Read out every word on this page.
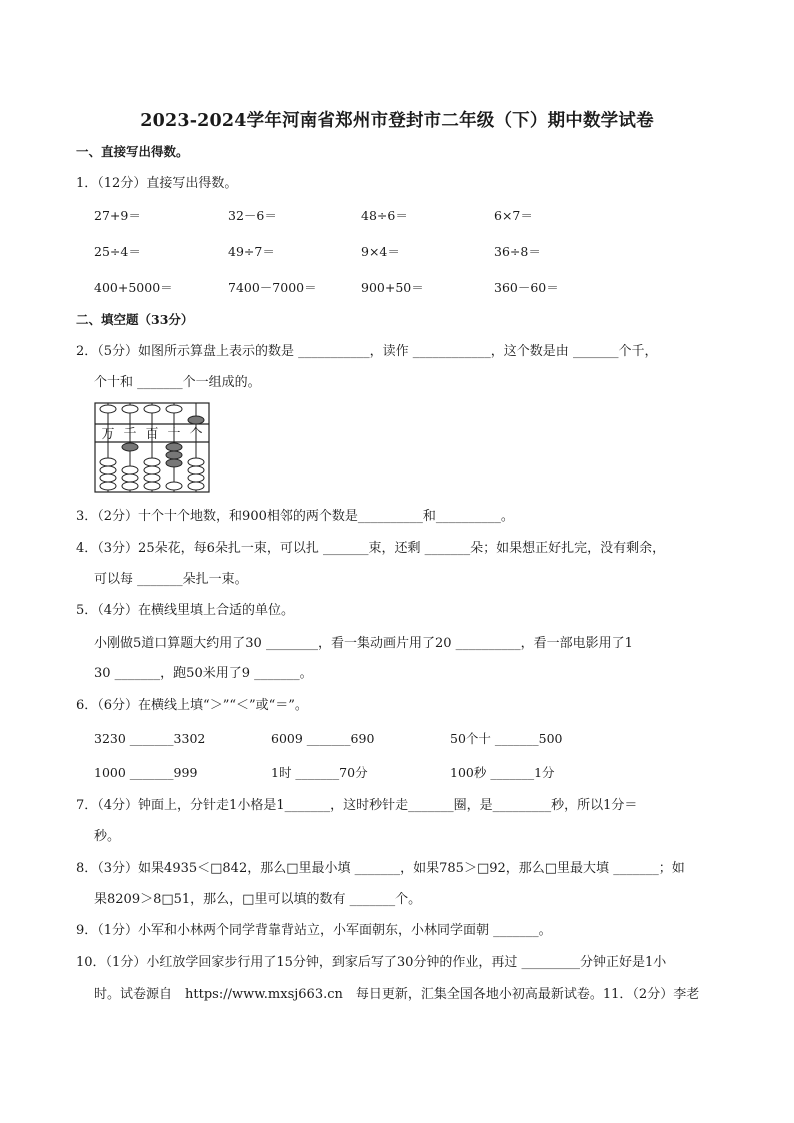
2023-2024学年河南省郑州市登封市二年级（下）期中数学试卷
一、直接写出得数。
1．（12分）直接写出得数。
27+9＝	32－6＝	48÷6＝	6×7＝
25÷4＝	49÷7＝	9×4＝	36÷8＝
400+5000＝	7400－7000＝	900+50＝	360－60＝
二、填空题（33分）
2．（5分）如图所示算盘上表示的数是 ___________，读作 ____________，这个数是由 _______个千，
个十和 _______个一组成的。
万 千 百 十 个
3．（2分）十个十个地数，和900相邻的两个数是__________和__________。
4．（3分）25朵花，每6朵扎一束，可以扎 _______束，还剩 _______朵；如果想正好扎完，没有剩余，
可以每 _______朵扎一束。
5．（4分）在横线里填上合适的单位。
小刚做5道口算题大约用了30 ________，看一集动画片用了20 __________，看一部电影用了1
30 _______，跑50米用了9 _______。
6．（6分）在横线上填“＞”“＜”或“＝”。
3230 _______3302	6009 _______690	50个十 _______500
1000 _______999	1时 _______70分	100秒 _______1分
7．（4分）钟面上，分针走1小格是1_______，这时秒针走_______圈，是_________秒，所以1分＝
秒。
8．（3分）如果4935＜□842，那么□里最小填 _______，如果785＞□92，那么□里最大填 _______；如
果8209＞8□51，那么，□里可以填的数有 _______个。
9．（1分）小军和小林两个同学背靠背站立，小军面朝东，小林同学面朝 _______。
10．（1分）小红放学回家步行用了15分钟，到家后写了30分钟的作业，再过 _________分钟正好是1小
时。试卷源自　https://www.mxsj663.cn　每日更新，汇集全国各地小初高最新试卷。11．（2分）李老
